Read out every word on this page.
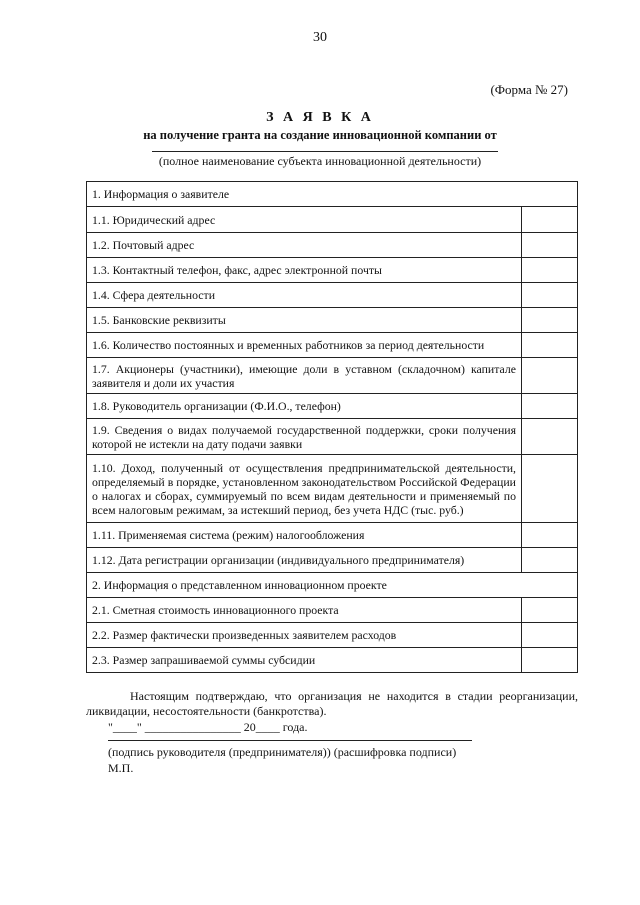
30
(Форма № 27)
З А Я В К А
на получение гранта на создание инновационной компании от
(полное наименование субъекта инновационной деятельности)
1. Информация о заявителе	
1.1. Юридический адрес	
1.2. Почтовый адрес	
1.3. Контактный телефон, факс, адрес электронной почты	
1.4. Сфера деятельности	
1.5. Банковские реквизиты	
1.6. Количество постоянных и временных работников за период деятельности	
1.7. Акционеры (участники), имеющие доли в уставном (складочном) капитале заявителя и доли их участия	
1.8. Руководитель организации (Ф.И.О., телефон)	
1.9. Сведения о видах получаемой государственной поддержки, сроки получения которой не истекли на дату подачи заявки	
1.10. Доход, полученный от осуществления предпринимательской деятельности, определяемый в порядке, установленном законодательством Российской Федерации о налогах и сборах, суммируемый по всем видам деятельности и применяемый по всем налоговым режимам, за истекший период, без учета НДС (тыс. руб.)	
1.11. Применяемая система (режим) налогообложения	
1.12. Дата регистрации организации (индивидуального предпринимателя)	
2. Информация о представленном инновационном проекте	
2.1. Сметная стоимость инновационного проекта	
2.2. Размер фактически произведенных заявителем расходов	
2.3. Размер запрашиваемой суммы субсидии	
Настоящим подтверждаю, что организация не находится в стадии реорганизации, ликвидации, несостоятельности (банкротства).
"____" ________________ 20____ года.
(подпись руководителя (предпринимателя)) (расшифровка подписи)
М.П.
